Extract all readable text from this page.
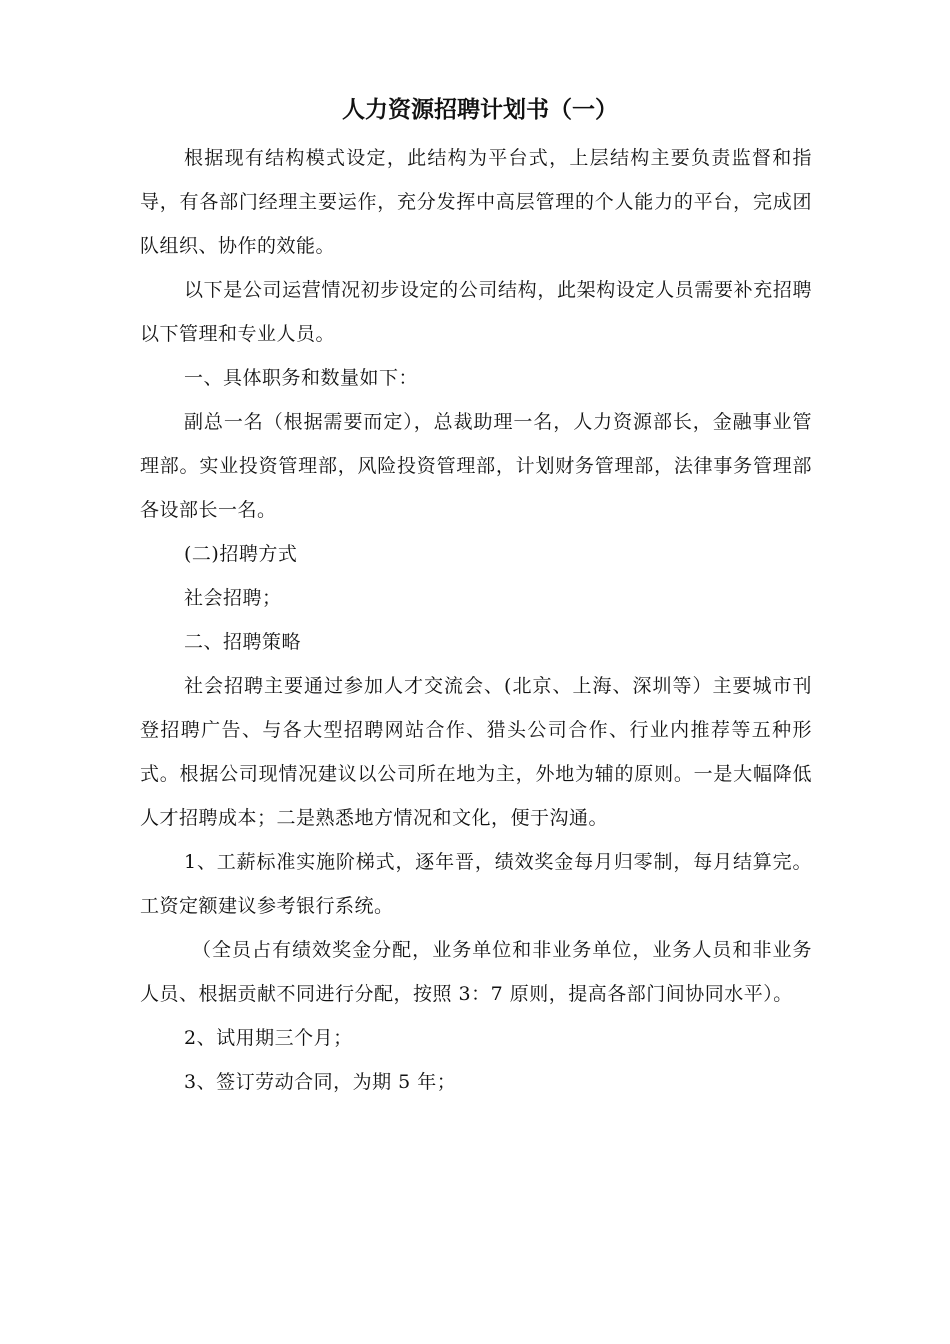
人力资源招聘计划书（一）

根据现有结构模式设定，此结构为平台式，上层结构主要负责监督和指导，有各部门经理主要运作，充分发挥中高层管理的个人能力的平台，完成团队组织、协作的效能。

以下是公司运营情况初步设定的公司结构，此架构设定人员需要补充招聘以下管理和专业人员。

一、具体职务和数量如下：

副总一名（根据需要而定），总裁助理一名，人力资源部长，金融事业管理部。实业投资管理部，风险投资管理部，计划财务管理部，法律事务管理部各设部长一名。

(二)招聘方式

社会招聘；

二、招聘策略

社会招聘主要通过参加人才交流会、(北京、上海、深圳等）主要城市刊登招聘广告、与各大型招聘网站合作、猎头公司合作、行业内推荐等五种形式。根据公司现情况建议以公司所在地为主，外地为辅的原则。一是大幅降低人才招聘成本；二是熟悉地方情况和文化，便于沟通。

1、工薪标准实施阶梯式，逐年晋，绩效奖金每月归零制，每月结算完。工资定额建议参考银行系统。

（全员占有绩效奖金分配，业务单位和非业务单位，业务人员和非业务人员、根据贡献不同进行分配，按照 3：7 原则，提高各部门间协同水平）。

2、试用期三个月；

3、签订劳动合同，为期 5 年；
